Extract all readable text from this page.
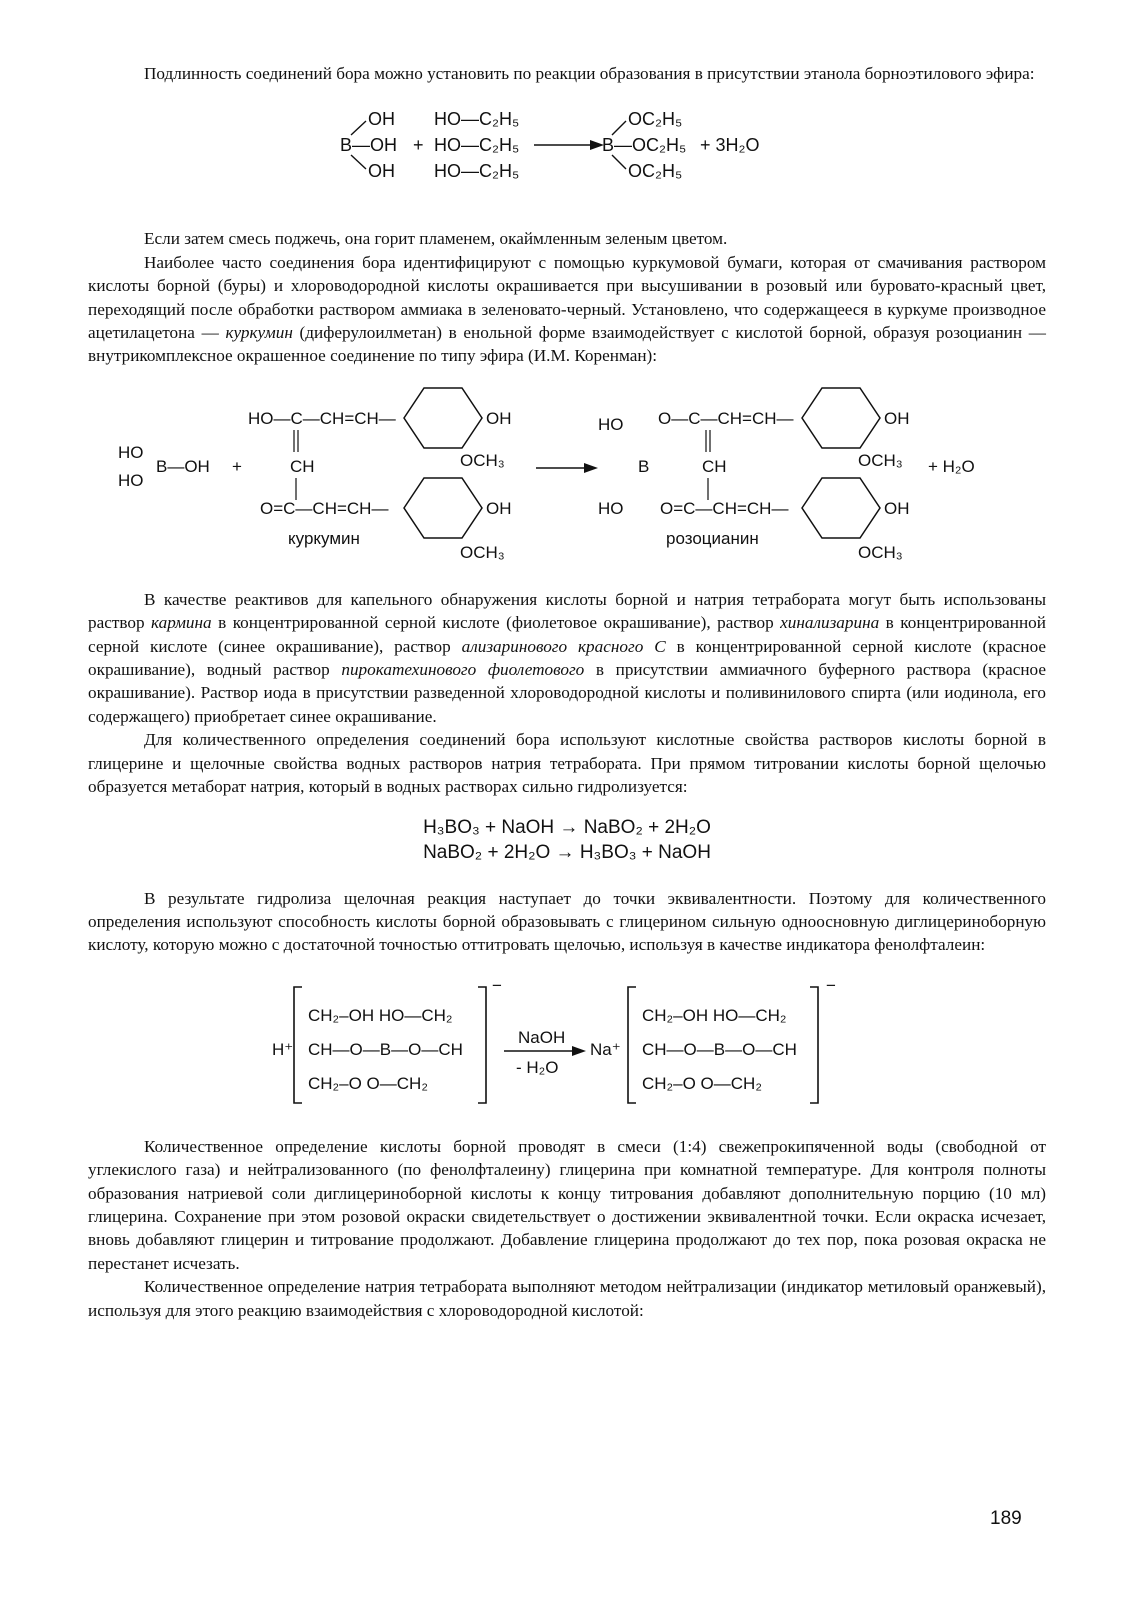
Подлинность соединений бора можно установить по реакции образования в присутствии этанола борноэтилового эфира:

OH
B—OH
OH
+
HO—C₂H₅
HO—C₂H₅
HO—C₂H₅
OC₂H₅
B—OC₂H₅
OC₂H₅
+ 3H₂O

Если затем смесь поджечь, она горит пламенем, окаймленным зеленым цветом.

Наиболее часто соединения бора идентифицируют с помощью куркумовой бумаги, которая от смачивания раствором кислоты борной (буры) и хлороводородной кислоты окрашивается при высушивании в розовый или буровато-красный цвет, переходящий после обработки раствором аммиака в зеленовато-черный. Установлено, что содержащееся в куркуме производное ацетилацетона — куркумин (диферулоилметан) в енольной форме взаимодействует с кислотой борной, образуя розоцианин — внутрикомплексное окрашенное соединение по типу эфира (И.М. Коренман):

HO
B—OH
HO
+
HO—C—CH=CH—
CH
O=C—CH=CH—
OH
OCH₃
OH
OCH₃
куркумин
HO
B
HO
O—C—CH=CH—
CH
O=C—CH=CH—
OH
OCH₃
OH
OCH₃
розоцианин
+ H₂O

В качестве реактивов для капельного обнаружения кислоты борной и натрия тетрабората могут быть использованы раствор кармина в концентрированной серной кислоте (фиолетовое окрашивание), раствор хинализарина в концентрированной серной кислоте (синее окрашивание), раствор ализаринового красного С в концентрированной серной кислоте (красное окрашивание), водный раствор пирокатехинового фиолетового в присутствии аммиачного буферного раствора (красное окрашивание). Раствор иода в присутствии разведенной хлороводородной кислоты и поливинилового спирта (или иодинола, его содержащего) приобретает синее окрашивание.

Для количественного определения соединений бора используют кислотные свойства растворов кислоты борной в глицерине и щелочные свойства водных растворов натрия тетрабората. При прямом титровании кислоты борной щелочью образуется метаборат натрия, который в водных растворах сильно гидролизуется:

H₃BO₃ + NaOH → NaBO₂ + 2H₂O
NaBO₂ + 2H₂O → H₃BO₃ + NaOH

В результате гидролиза щелочная реакция наступает до точки эквивалентности. Поэтому для количественного определения используют способность кислоты борной образовывать с глицерином сильную одноосновную диглицериноборную кислоту, которую можно с достаточной точностью оттитровать щелочью, используя в качестве индикатора фенолфталеин:

H⁺
−
CH₂–OH HO—CH₂
CH—O—B—O—CH
CH₂–O O—CH₂
NaOH
- H₂O
Na⁺
−
CH₂–OH HO—CH₂
CH—O—B—O—CH
CH₂–O O—CH₂

Количественное определение кислоты борной проводят в смеси (1:4) свежепрокипяченной воды (свободной от углекислого газа) и нейтрализованного (по фенолфталеину) глицерина при комнатной температуре. Для контроля полноты образования натриевой соли диглицериноборной кислоты к концу титрования добавляют дополнительную порцию (10 мл) глицерина. Сохранение при этом розовой окраски свидетельствует о достижении эквивалентной точки. Если окраска исчезает, вновь добавляют глицерин и титрование продолжают. Добавление глицерина продолжают до тех пор, пока розовая окраска не перестанет исчезать.

Количественное определение натрия тетрабората выполняют методом нейтрализации (индикатор метиловый оранжевый), используя для этого реакцию взаимодействия с хлороводородной кислотой:

189
